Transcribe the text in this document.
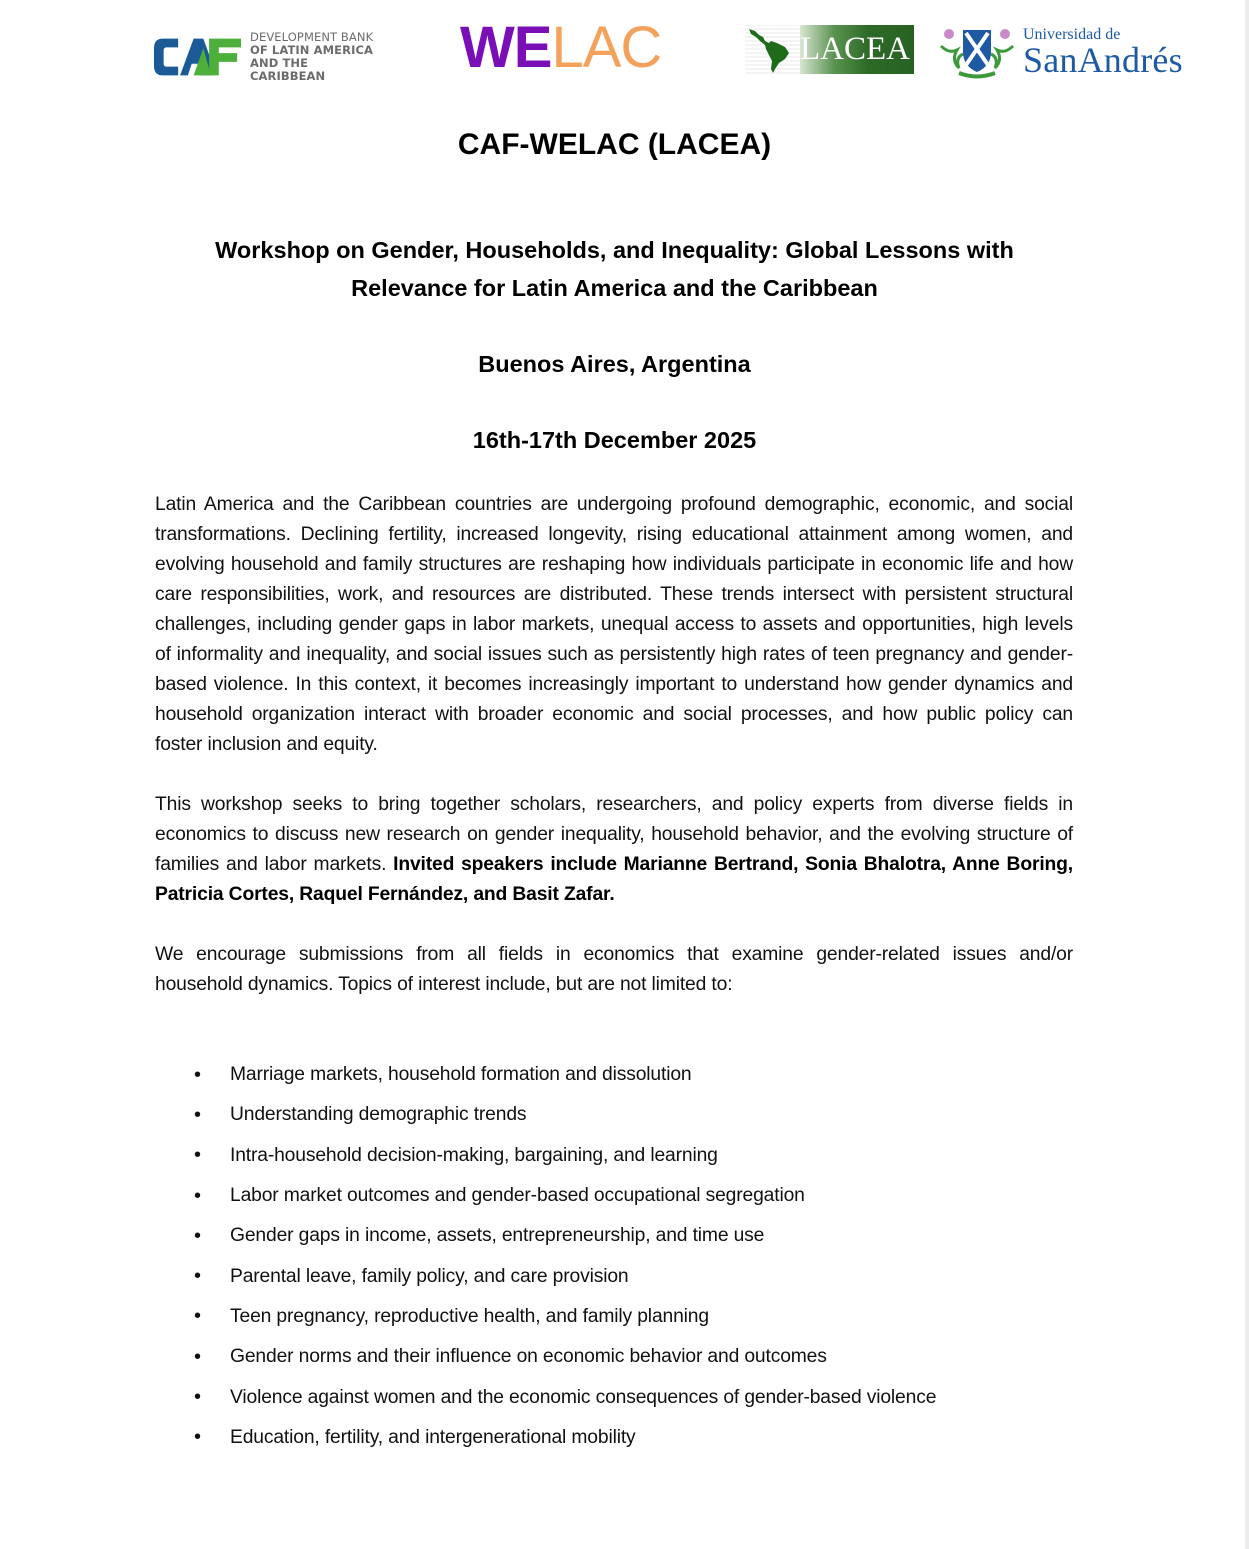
DEVELOPMENT BANK
OF LATIN AMERICA
AND THE CARIBBEAN	WELAC	LACEA	Universidad de
SanAndrés
CAF-WELAC (LACEA)
Workshop on Gender, Households, and Inequality: Global Lessons with
Relevance for Latin America and the Caribbean
Buenos Aires, Argentina
16th-17th December 2025

Latin America and the Caribbean countries are undergoing profound demographic, economic, and social transformations. Declining fertility, increased longevity, rising educational attainment among women, and evolving household and family structures are reshaping how individuals participate in economic life and how care responsibilities, work, and resources are distributed. These trends intersect with persistent structural challenges, including gender gaps in labor markets, unequal access to assets and opportunities, high levels of informality and inequality, and social issues such as persistently high rates of teen pregnancy and gender-based violence. In this context, it becomes increasingly important to understand how gender dynamics and household organization interact with broader economic and social processes, and how public policy can foster inclusion and equity.

This workshop seeks to bring together scholars, researchers, and policy experts from diverse fields in economics to discuss new research on gender inequality, household behavior, and the evolving structure of families and labor markets. Invited speakers include Marianne Bertrand, Sonia Bhalotra, Anne Boring, Patricia Cortes, Raquel Fernández, and Basit Zafar.

We encourage submissions from all fields in economics that examine gender-related issues and/or household dynamics. Topics of interest include, but are not limited to:

•	Marriage markets, household formation and dissolution
•	Understanding demographic trends
•	Intra-household decision-making, bargaining, and learning
•	Labor market outcomes and gender-based occupational segregation
•	Gender gaps in income, assets, entrepreneurship, and time use
•	Parental leave, family policy, and care provision
•	Teen pregnancy, reproductive health, and family planning
•	Gender norms and their influence on economic behavior and outcomes
•	Violence against women and the economic consequences of gender-based violence
•	Education, fertility, and intergenerational mobility
